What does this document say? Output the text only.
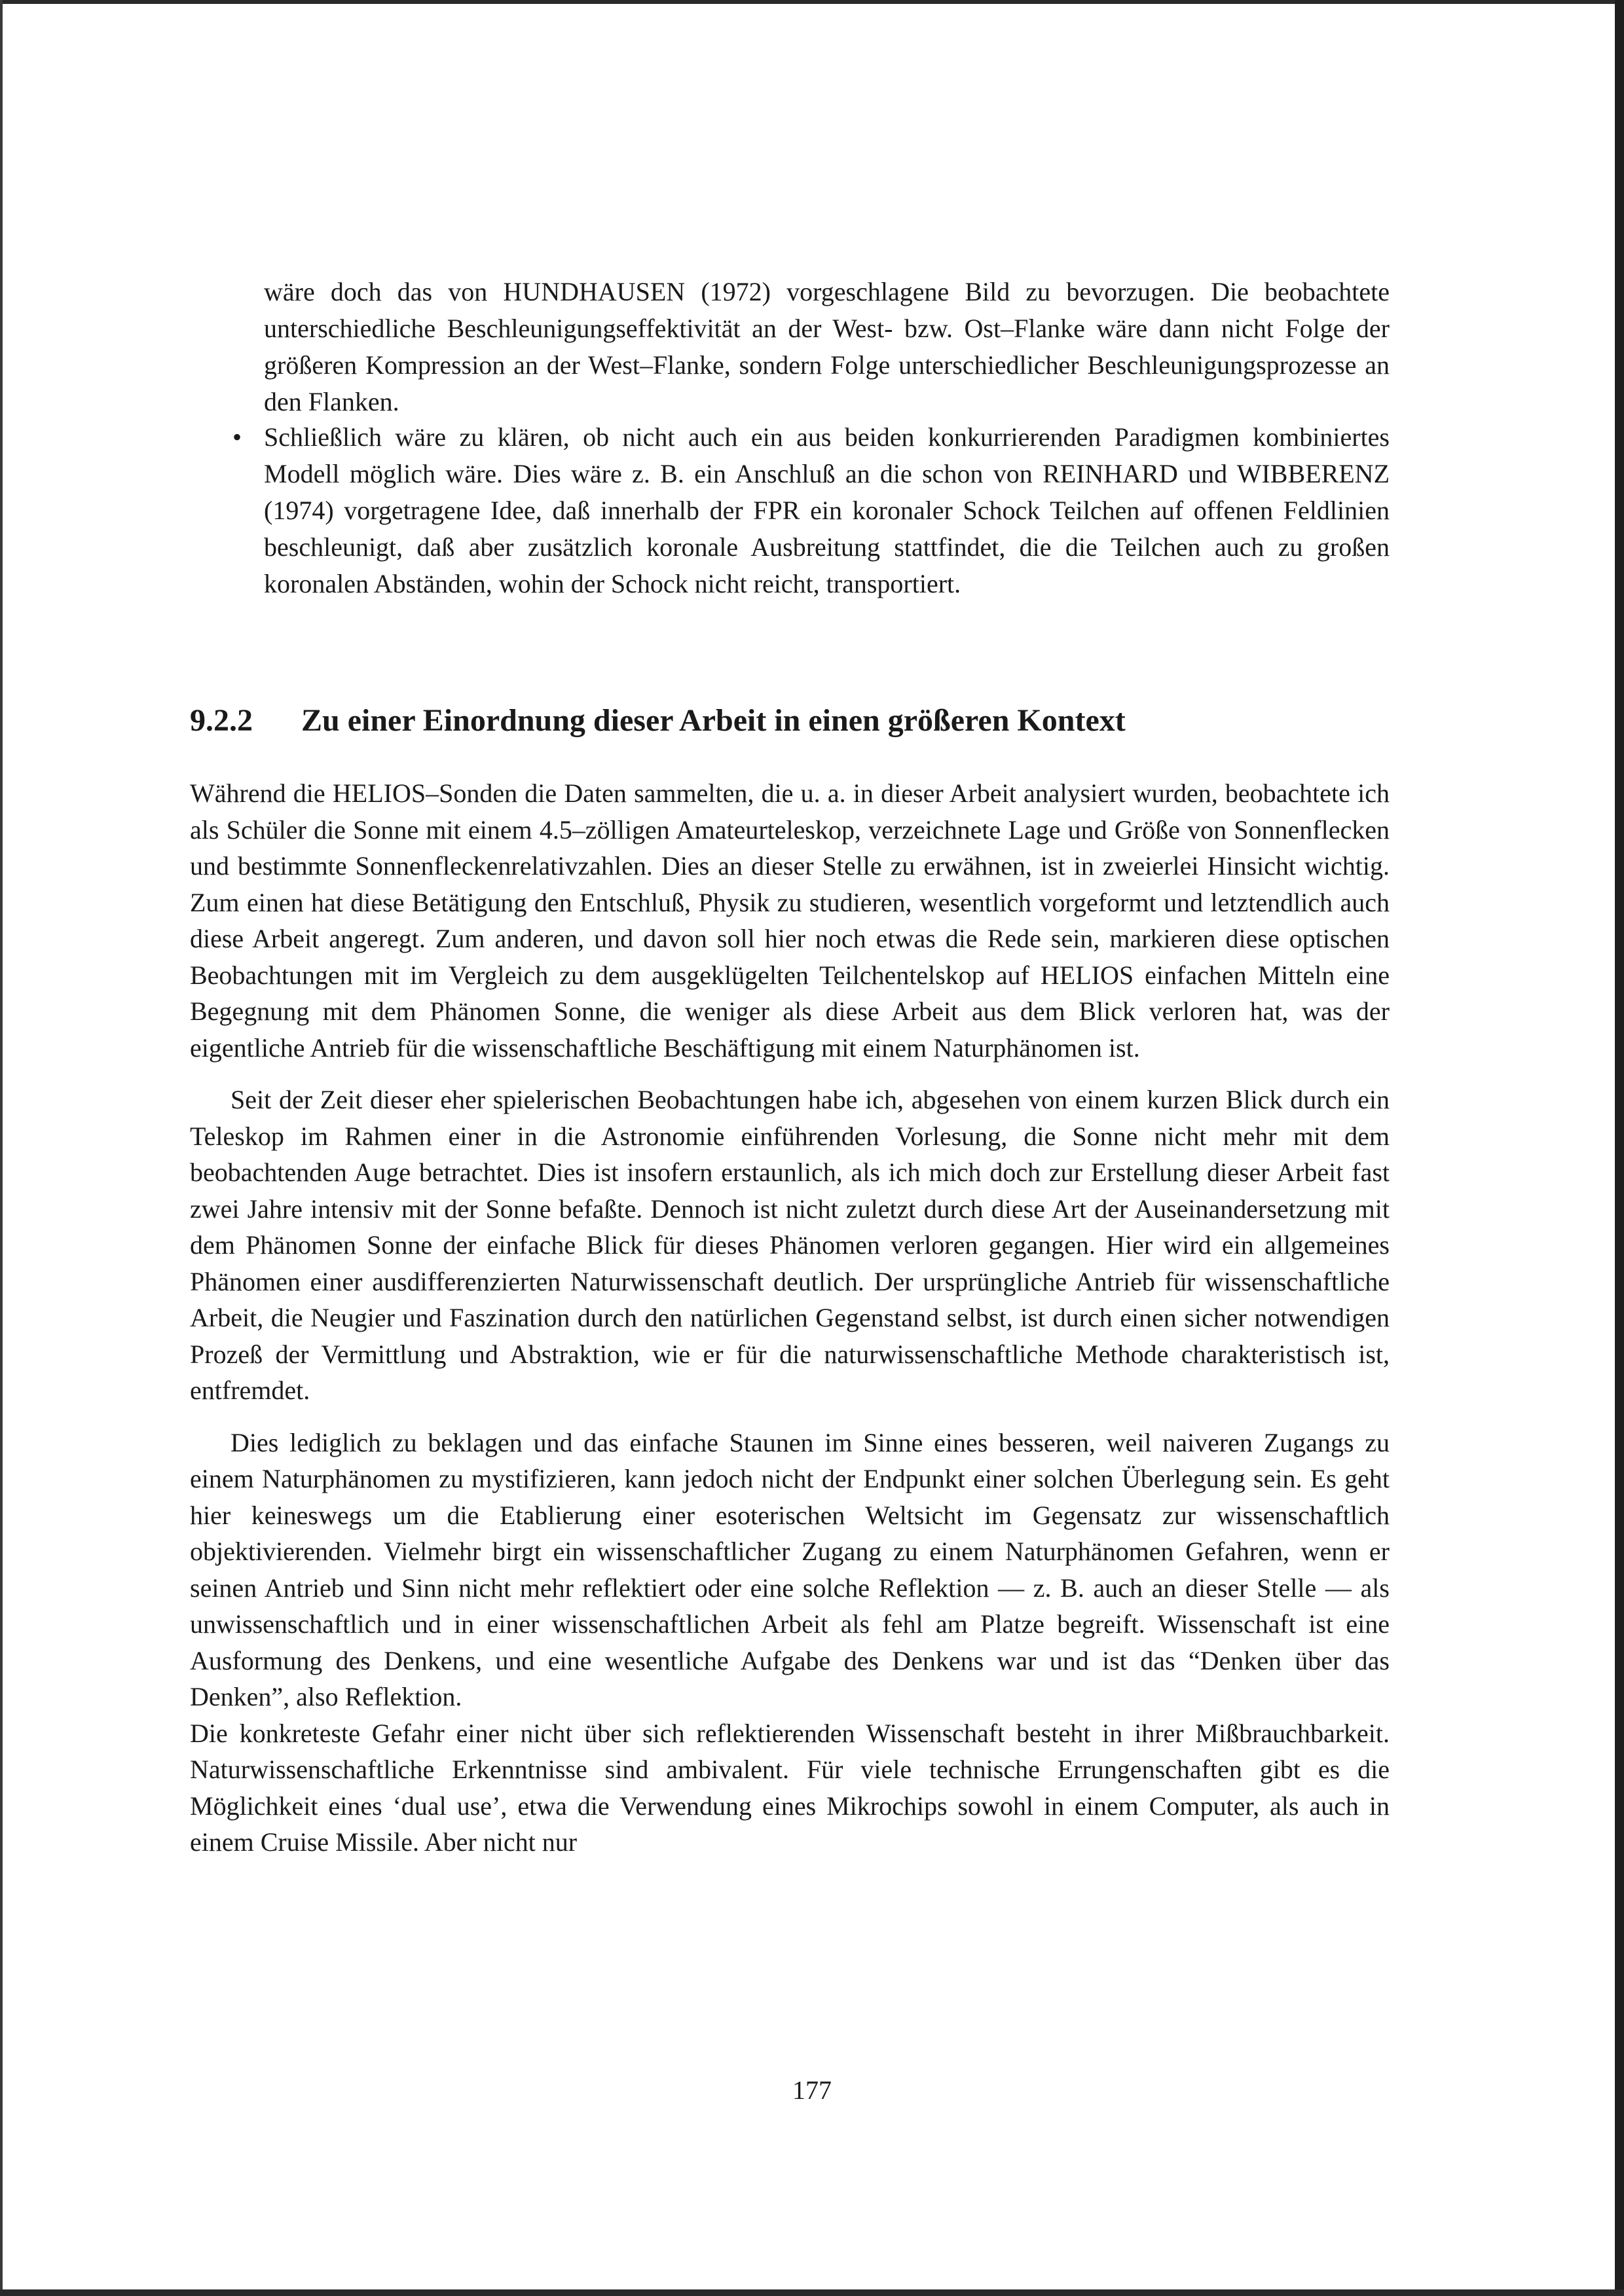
wäre doch das von HUNDHAUSEN (1972) vorgeschlagene Bild zu bevorzugen. Die beobachtete unterschiedliche Beschleunigungseffektivität an der West- bzw. Ost–Flanke wäre dann nicht Folge der größeren Kompression an der West–Flanke, sondern Folge unterschiedlicher Beschleunigungsprozesse an den Flanken.

• Schließlich wäre zu klären, ob nicht auch ein aus beiden konkurrierenden Paradigmen kombiniertes Modell möglich wäre. Dies wäre z. B. ein Anschluß an die schon von REINHARD und WIBBERENZ (1974) vorgetragene Idee, daß innerhalb der FPR ein koronaler Schock Teilchen auf offenen Feldlinien beschleunigt, daß aber zusätzlich koronale Ausbreitung stattfindet, die die Teilchen auch zu großen koronalen Abständen, wohin der Schock nicht reicht, transportiert.
9.2.2 Zu einer Einordnung dieser Arbeit in einen größeren Kontext

Während die HELIOS–Sonden die Daten sammelten, die u. a. in dieser Arbeit analysiert wurden, beobachtete ich als Schüler die Sonne mit einem 4.5–zölligen Amateurteleskop, verzeichnete Lage und Größe von Sonnenflecken und bestimmte Sonnenfleckenrelativzahlen. Dies an dieser Stelle zu erwähnen, ist in zweierlei Hinsicht wichtig. Zum einen hat diese Betätigung den Entschluß, Physik zu studieren, wesentlich vorgeformt und letztendlich auch diese Arbeit angeregt. Zum anderen, und davon soll hier noch etwas die Rede sein, markieren diese optischen Beobachtungen mit im Vergleich zu dem ausgeklügelten Teilchentelskop auf HELIOS einfachen Mitteln eine Begegnung mit dem Phänomen Sonne, die weniger als diese Arbeit aus dem Blick verloren hat, was der eigentliche Antrieb für die wissenschaftliche Beschäftigung mit einem Naturphänomen ist.

Seit der Zeit dieser eher spielerischen Beobachtungen habe ich, abgesehen von einem kurzen Blick durch ein Teleskop im Rahmen einer in die Astronomie einführenden Vorlesung, die Sonne nicht mehr mit dem beobachtenden Auge betrachtet. Dies ist insofern erstaunlich, als ich mich doch zur Erstellung dieser Arbeit fast zwei Jahre intensiv mit der Sonne befaßte. Dennoch ist nicht zuletzt durch diese Art der Auseinandersetzung mit dem Phänomen Sonne der einfache Blick für dieses Phänomen verloren gegangen. Hier wird ein allgemeines Phänomen einer ausdifferenzierten Naturwissenschaft deutlich. Der ursprüngliche Antrieb für wissenschaftliche Arbeit, die Neugier und Faszination durch den natürlichen Gegenstand selbst, ist durch einen sicher notwendigen Prozeß der Vermittlung und Abstraktion, wie er für die naturwissenschaftliche Methode charakteristisch ist, entfremdet.

Dies lediglich zu beklagen und das einfache Staunen im Sinne eines besseren, weil naiveren Zugangs zu einem Naturphänomen zu mystifizieren, kann jedoch nicht der Endpunkt einer solchen Überlegung sein. Es geht hier keineswegs um die Etablierung einer esoterischen Weltsicht im Gegensatz zur wissenschaftlich objektivierenden. Vielmehr birgt ein wissenschaftlicher Zugang zu einem Naturphänomen Gefahren, wenn er seinen Antrieb und Sinn nicht mehr reflektiert oder eine solche Reflektion — z. B. auch an dieser Stelle — als unwissenschaftlich und in einer wissenschaftlichen Arbeit als fehl am Platze begreift. Wissenschaft ist eine Ausformung des Denkens, und eine wesentliche Aufgabe des Denkens war und ist das “Denken über das Denken”, also Reflektion.

Die konkreteste Gefahr einer nicht über sich reflektierenden Wissenschaft besteht in ihrer Mißbrauchbarkeit. Naturwissenschaftliche Erkenntnisse sind ambivalent. Für viele technische Errungenschaften gibt es die Möglichkeit eines ‘dual use’, etwa die Verwendung eines Mikrochips sowohl in einem Computer, als auch in einem Cruise Missile. Aber nicht nur

177
